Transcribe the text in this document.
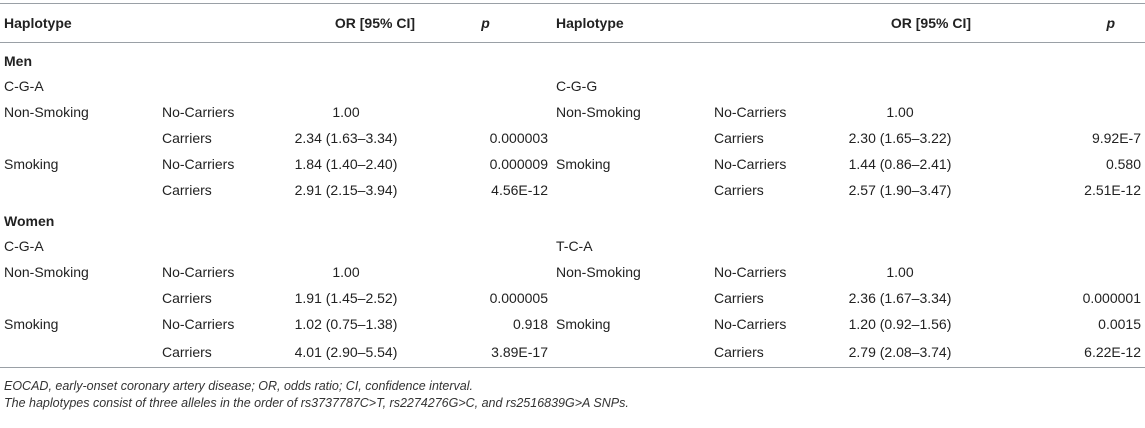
Haplotype		OR [95% CI]	p	Haplotype		OR [95% CI]	p
Men							
C-G-A				C-G-G			
Non-Smoking	No-Carriers	1.00		Non-Smoking	No-Carriers	1.00	
	Carriers	2.34 (1.63–3.34)	0.000003		Carriers	2.30 (1.65–3.22)	9.92E-7
Smoking	No-Carriers	1.84 (1.40–2.40)	0.000009	Smoking	No-Carriers	1.44 (0.86–2.41)	0.580
	Carriers	2.91 (2.15–3.94)	4.56E-12		Carriers	2.57 (1.90–3.47)	2.51E-12
Women							
C-G-A				T-C-A			
Non-Smoking	No-Carriers	1.00		Non-Smoking	No-Carriers	1.00	
	Carriers	1.91 (1.45–2.52)	0.000005		Carriers	2.36 (1.67–3.34)	0.000001
Smoking	No-Carriers	1.02 (0.75–1.38)	0.918	Smoking	No-Carriers	1.20 (0.92–1.56)	0.0015
	Carriers	4.01 (2.90–5.54)	3.89E-17		Carriers	2.79 (2.08–3.74)	6.22E-12
EOCAD, early-onset coronary artery disease; OR, odds ratio; CI, confidence interval.
The haplotypes consist of three alleles in the order of rs3737787C>T, rs2274276G>C, and rs2516839G>A SNPs.
